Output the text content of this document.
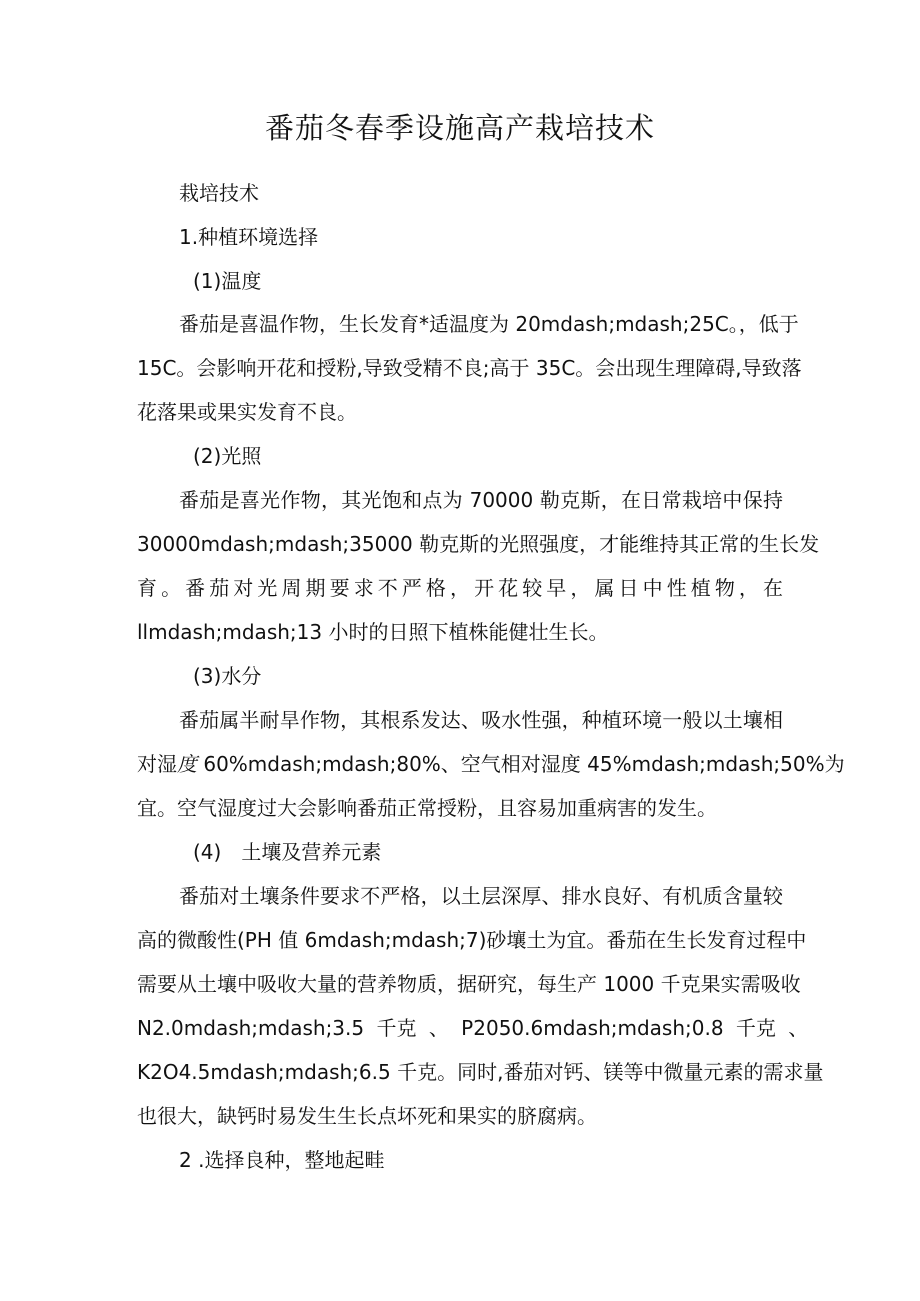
番茄冬春季设施高产栽培技术
栽培技术
1.种植环境选择
(1)温度
番茄是喜温作物，生长发育*适温度为 20mdash;mdash;25C。，低于
15C。会影响开花和授粉,导致受精不良;高于 35C。会出现生理障碍,导致落
花落果或果实发育不良。
(2)光照
番茄是喜光作物，其光饱和点为 70000 勒克斯，在日常栽培中保持
30000mdash;mdash;35000 勒克斯的光照强度，才能维持其正常的生长发
育。番茄对光周期要求不严格，开花较早，属日中性植物，在
llmdash;mdash;13 小时的日照下植株能健壮生长。
(3)水分
番茄属半耐旱作物，其根系发达、吸水性强，种植环境一般以土壤相
对湿度 60%mdash;mdash;80%、空气相对湿度 45%mdash;mdash;50%为
宜。空气湿度过大会影响番茄正常授粉，且容易加重病害的发生。
(4) 土壤及营养元素
番茄对土壤条件要求不严格，以土层深厚、排水良好、有机质含量较
高的微酸性(PH 值 6mdash;mdash;7)砂壤土为宜。番茄在生长发育过程中
需要从土壤中吸收大量的营养物质，据研究，每生产 1000 千克果实需吸收
N2.0mdash;mdash;3.5 千克 、 P2050.6mdash;mdash;0.8 千克 、
K2O4.5mdash;mdash;6.5 千克。同时,番茄对钙、镁等中微量元素的需求量
也很大，缺钙时易发生生长点坏死和果实的脐腐病。
2 .选择良种，整地起畦
